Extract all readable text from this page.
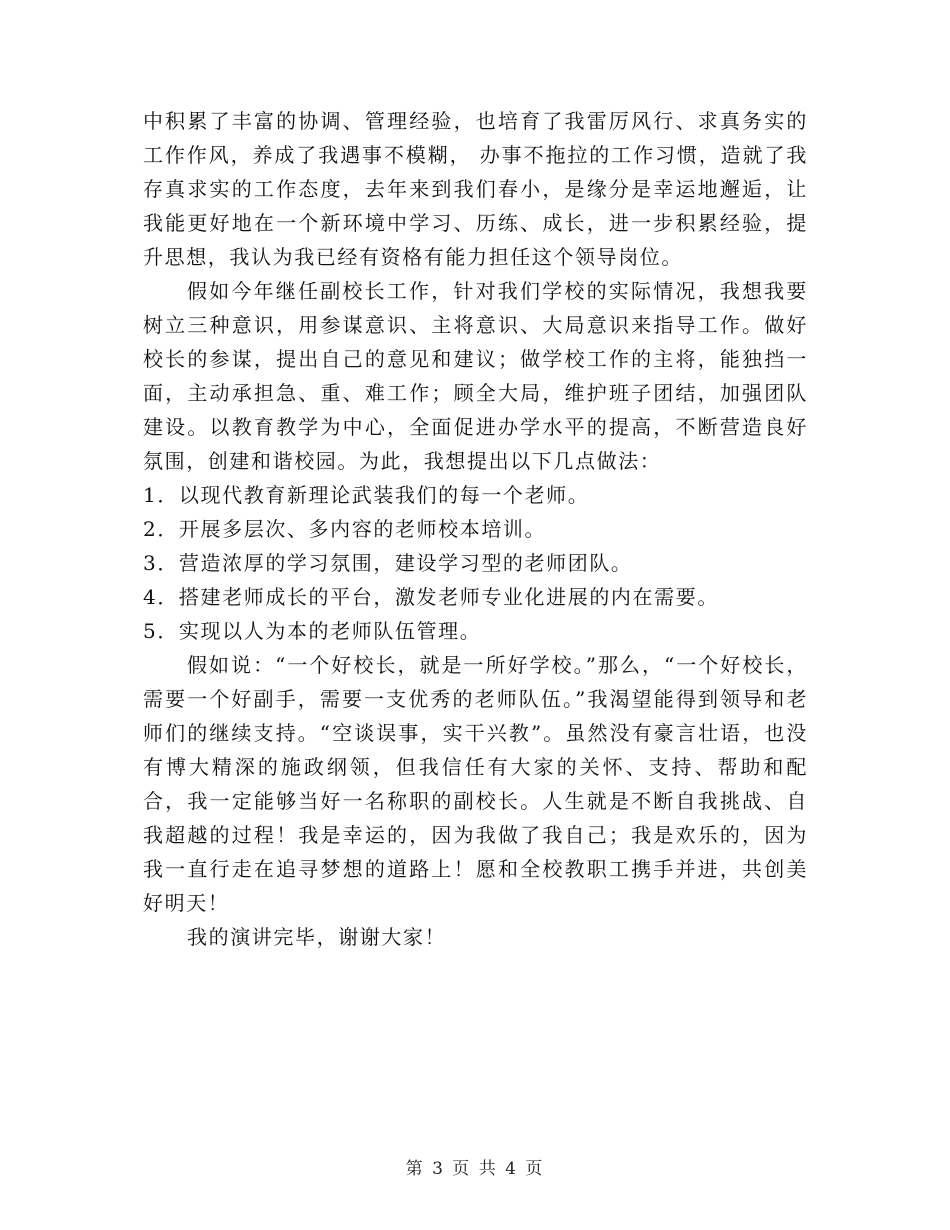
中积累了丰富的协调、管理经验，也培育了我雷厉风行、求真务实的工作作风，养成了我遇事不模糊， 办事不拖拉的工作习惯，造就了我存真求实的工作态度，去年来到我们春小，是缘分是幸运地邂逅，让我能更好地在一个新环境中学习、历练、成长，进一步积累经验，提升思想，我认为我已经有资格有能力担任这个领导岗位。

假如今年继任副校长工作，针对我们学校的实际情况，我想我要树立三种意识，用参谋意识、主将意识、大局意识来指导工作。做好校长的参谋，提出自己的意见和建议；做学校工作的主将，能独挡一面，主动承担急、重、难工作；顾全大局，维护班子团结，加强团队建设。以教育教学为中心，全面促进办学水平的提高，不断营造良好氛围，创建和谐校园。为此，我想提出以下几点做法：

1．以现代教育新理论武装我们的每一个老师。

2．开展多层次、多内容的老师校本培训。

3．营造浓厚的学习氛围，建设学习型的老师团队。

4．搭建老师成长的平台，激发老师专业化进展的内在需要。

5．实现以人为本的老师队伍管理。

假如说：“一个好校长，就是一所好学校。”那么，“一个好校长，需要一个好副手，需要一支优秀的老师队伍。”我渴望能得到领导和老师们的继续支持。“空谈误事，实干兴教”。虽然没有豪言壮语，也没有博大精深的施政纲领，但我信任有大家的关怀、支持、帮助和配合，我一定能够当好一名称职的副校长。人生就是不断自我挑战、自我超越的过程！我是幸运的，因为我做了我自己；我是欢乐的，因为我一直行走在追寻梦想的道路上！愿和全校教职工携手并进，共创美好明天！

我的演讲完毕，谢谢大家！

第 3 页 共 4 页
